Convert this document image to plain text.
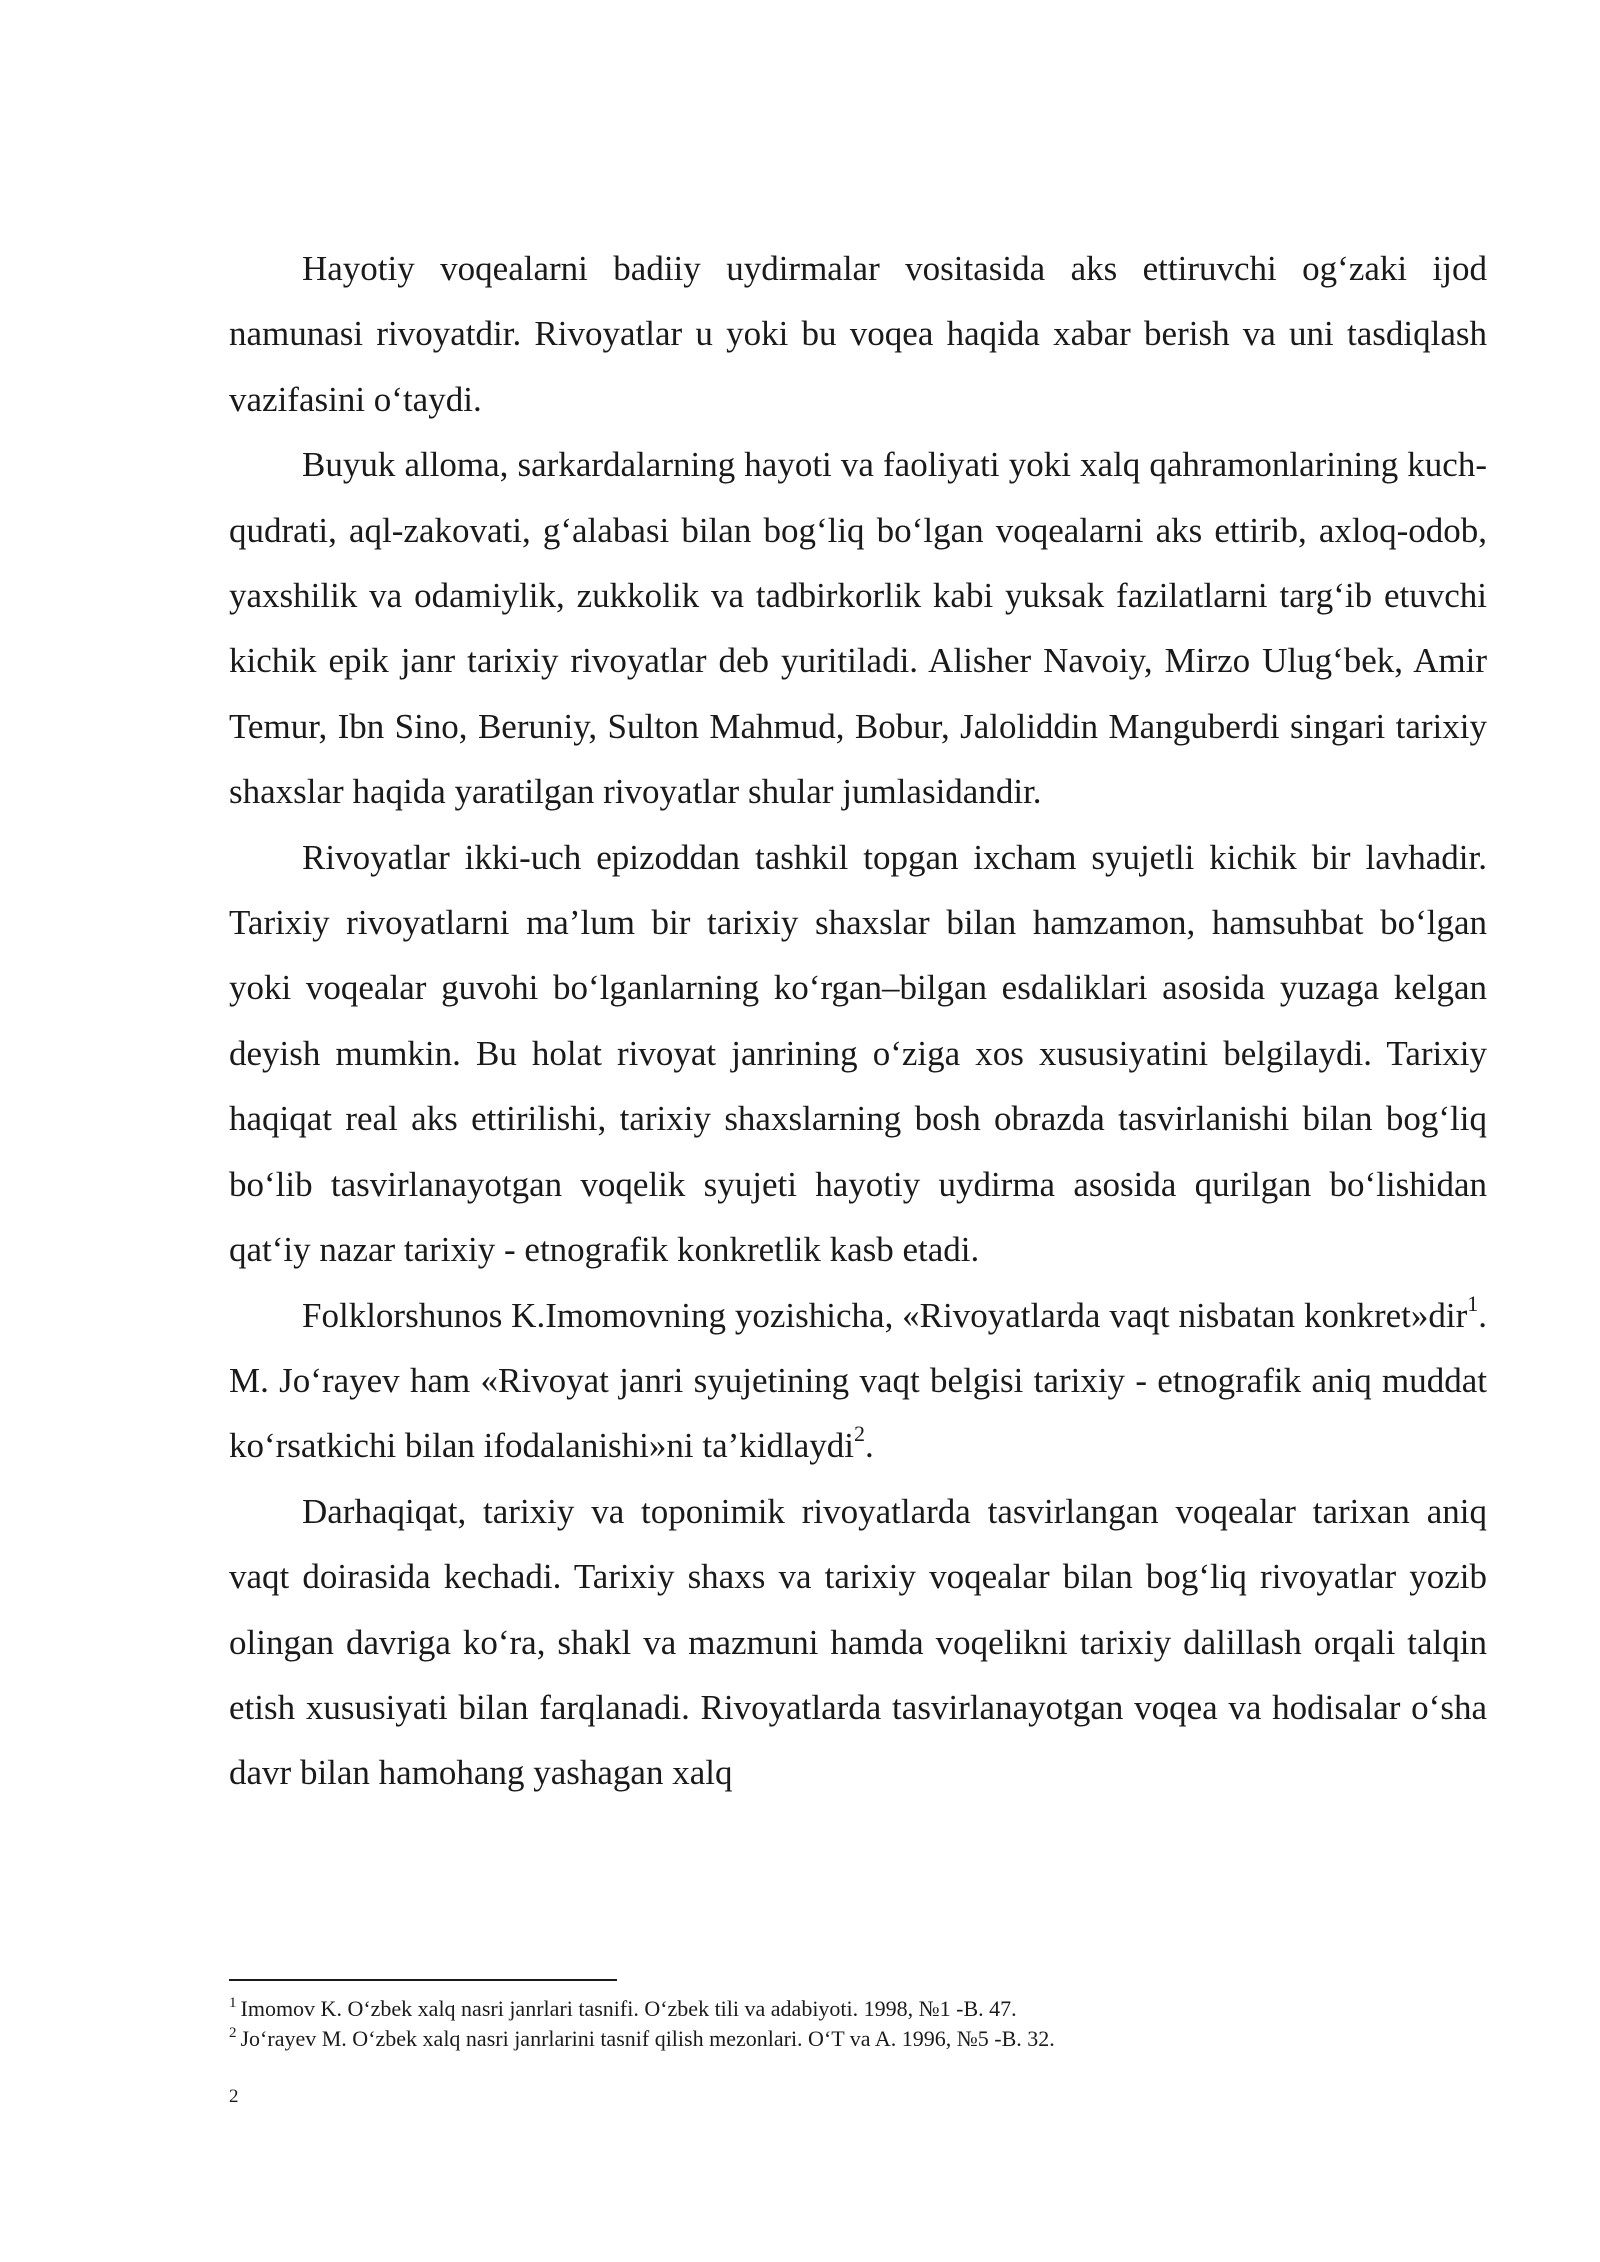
Hayotiy voqealarni badiiy uydirmalar vositasida aks ettiruvchi og‘zaki ijod namunasi rivoyatdir. Rivoyatlar u yoki bu voqea haqida xabar berish va uni tasdiqlash vazifasini o‘taydi.

Buyuk alloma, sarkardalarning hayoti va faoliyati yoki xalq qahramonlarining kuch-qudrati, aql-zakovati, g‘alabasi bilan bog‘liq bo‘lgan voqealarni aks ettirib, axloq-odob, yaxshilik va odamiylik, zukkolik va tadbirkorlik kabi yuksak fazilatlarni targ‘ib etuvchi kichik epik janr tarixiy rivoyatlar deb yuritiladi. Alisher Navoiy, Mirzo Ulug‘bek, Amir Temur, Ibn Sino, Beruniy, Sulton Mahmud, Bobur, Jaloliddin Manguberdi singari tarixiy shaxslar haqida yaratilgan rivoyatlar shular jumlasidandir.

Rivoyatlar ikki-uch epizoddan tashkil topgan ixcham syujetli kichik bir lavhadir. Tarixiy rivoyatlarni ma’lum bir tarixiy shaxslar bilan hamzamon, hamsuhbat bo‘lgan yoki voqealar guvohi bo‘lganlarning ko‘rgan–bilgan esdaliklari asosida yuzaga kelgan deyish mumkin. Bu holat rivoyat janrining o‘ziga xos xususiyatini belgilaydi. Tarixiy haqiqat real aks ettirilishi, tarixiy shaxslarning bosh obrazda tasvirlanishi bilan bog‘liq bo‘lib tasvirlanayotgan voqelik syujeti hayotiy uydirma asosida qurilgan bo‘lishidan qat‘iy nazar tarixiy - etnografik konkretlik kasb etadi.

Folklorshunos K.Imomovning yozishicha, «Rivoyatlarda vaqt nisbatan konkret»dir$^1$. M. Jo‘rayev ham «Rivoyat janri syujetining vaqt belgisi tarixiy - etnografik aniq muddat ko‘rsatkichi bilan ifodalanishi»ni ta’kidlaydi$^2$.

Darhaqiqat, tarixiy va toponimik rivoyatlarda tasvirlangan voqealar tarixan aniq vaqt doirasida kechadi. Tarixiy shaxs va tarixiy voqealar bilan bog‘liq rivoyatlar yozib olingan davriga ko‘ra, shakl va mazmuni hamda voqelikni tarixiy dalillash orqali talqin etish xususiyati bilan farqlanadi. Rivoyatlarda tasvirlanayotgan voqea va hodisalar o‘sha davr bilan hamohang yashagan xalq

$^1$ Imomov K. O‘zbek xalq nasri janrlari tasnifi. O‘zbek tili va adabiyoti. 1998, №1 -B. 47.

$^2$ Jo‘rayev M. O‘zbek xalq nasri janrlarini tasnif qilish mezonlari. O‘T va A. 1996, №5 -B. 32.

2
